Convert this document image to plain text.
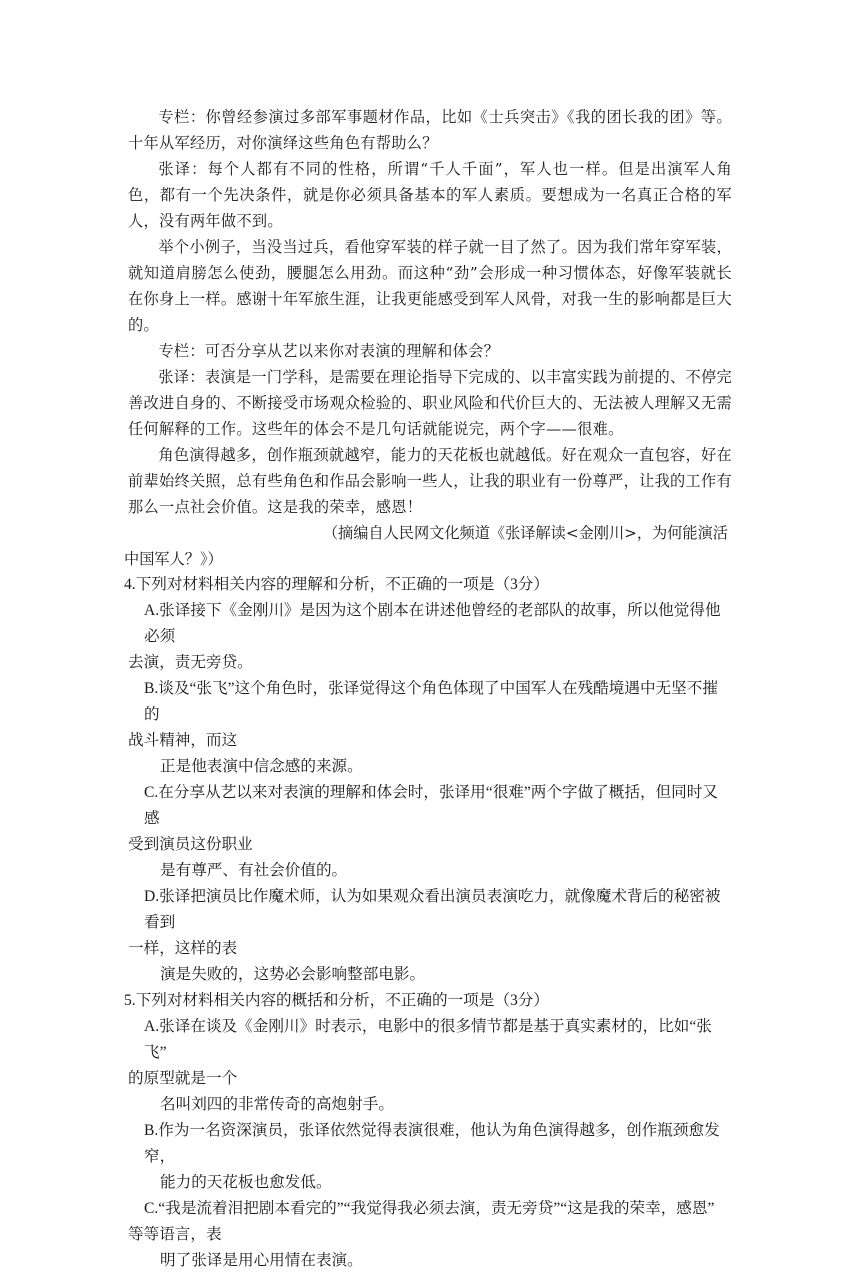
专栏：你曾经参演过多部军事题材作品，比如《士兵突击》《我的团长我的团》等。十年从军经历，对你演绎这些角色有帮助么？

张译：每个人都有不同的性格，所谓“千人千面”，军人也一样。但是出演军人角色，都有一个先决条件，就是你必须具备基本的军人素质。要想成为一名真正合格的军人，没有两年做不到。

举个小例子，当没当过兵，看他穿军装的样子就一目了然了。因为我们常年穿军装，就知道肩膀怎么使劲，腰腿怎么用劲。而这种“劲”会形成一种习惯体态，好像军装就长在你身上一样。感谢十年军旅生涯，让我更能感受到军人风骨，对我一生的影响都是巨大的。

专栏：可否分享从艺以来你对表演的理解和体会？

张译：表演是一门学科，是需要在理论指导下完成的、以丰富实践为前提的、不停完善改进自身的、不断接受市场观众检验的、职业风险和代价巨大的、无法被人理解又无需任何解释的工作。这些年的体会不是几句话就能说完，两个字——很难。

角色演得越多，创作瓶颈就越窄，能力的天花板也就越低。好在观众一直包容，好在前辈始终关照，总有些角色和作品会影响一些人，让我的职业有一份尊严，让我的工作有那么一点社会价值。这是我的荣幸，感恩！

（摘编自人民网文化频道《张译解读<金刚川>，为何能演活
中国军人？》）

4.下列对材料相关内容的理解和分析，不正确的一项是（3分）

A.张译接下《金刚川》是因为这个剧本在讲述他曾经的老部队的故事，所以他觉得他必须
去演，责无旁贷。
B.谈及“张飞”这个角色时，张译觉得这个角色体现了中国军人在残酷境遇中无坚不摧的
战斗精神，而这
正是他表演中信念感的来源。
C.在分享从艺以来对表演的理解和体会时，张译用“很难”两个字做了概括，但同时又感
受到演员这份职业
是有尊严、有社会价值的。
D.张译把演员比作魔术师，认为如果观众看出演员表演吃力，就像魔术背后的秘密被看到
一样，这样的表
演是失败的，这势必会影响整部电影。

5.下列对材料相关内容的概括和分析，不正确的一项是（3分）

A.张译在谈及《金刚川》时表示，电影中的很多情节都是基于真实素材的，比如“张飞”
的原型就是一个
名叫刘四的非常传奇的高炮射手。
B.作为一名资深演员，张译依然觉得表演很难，他认为角色演得越多，创作瓶颈愈发窄，
能力的天花板也愈发低。
C.“我是流着泪把剧本看完的”“我觉得我必须去演，责无旁贷”“这是我的荣幸，感恩”
等等语言，表
明了张译是用心用情在表演。
